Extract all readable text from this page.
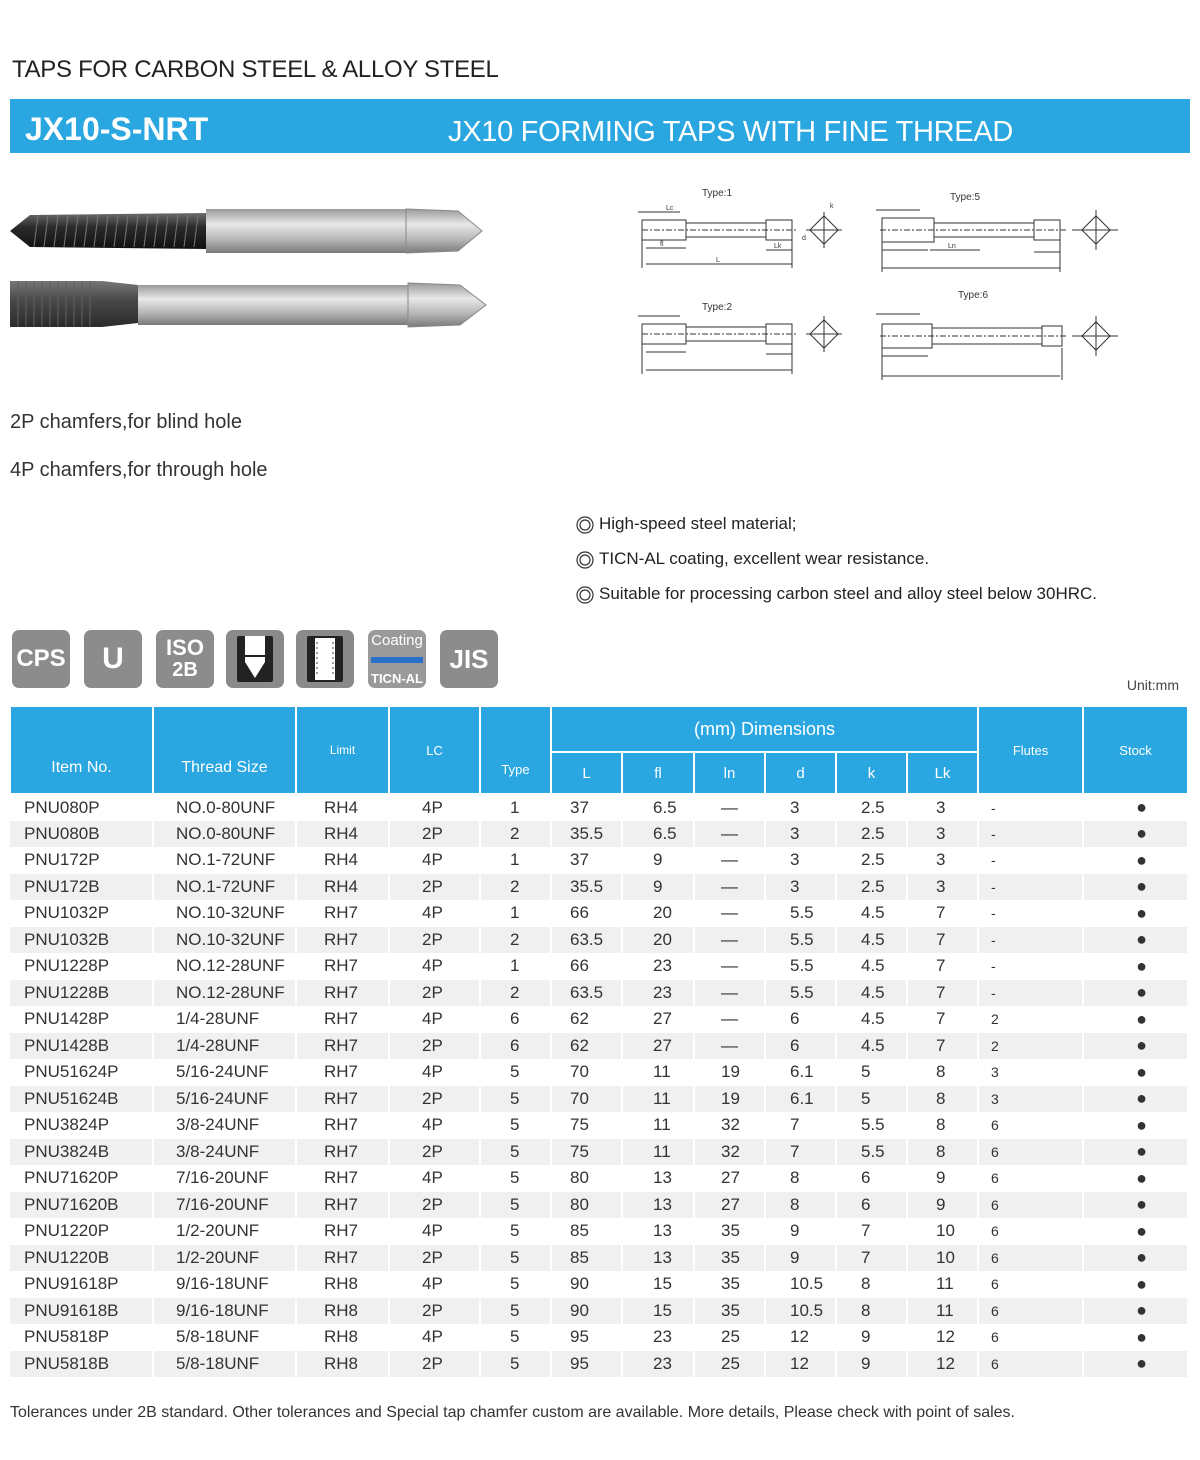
TAPS FOR CARBON STEEL & ALLOY STEEL
JX10-S-NRT	JX10 FORMING TAPS WITH FINE THREAD
Type:1	Type:5
Type:2
Type:6
Lc
fl
L
Ln
Lk
d
k
2P chamfers,for blind hole
4P chamfers,for through hole
High-speed steel material;
TICN-AL coating, excellent wear resistance.
Suitable for processing carbon steel and alloy steel below 30HRC.
CPS	U	ISO
2B
Coating
TICN-AL
JIS
Unit:mm
Item No.	Thread Size	Limit	LC	Type	(mm) Dimensions						Flutes	Stock
					L	fl	ln	d	k	Lk		
PNU080P	NO.0-80UNF	RH4	4P	1	37	6.5	—	3	2.5	3	-	●
PNU080B	NO.0-80UNF	RH4	2P	2	35.5	6.5	—	3	2.5	3	-	●
PNU172P	NO.1-72UNF	RH4	4P	1	37	9	—	3	2.5	3	-	●
PNU172B	NO.1-72UNF	RH4	2P	2	35.5	9	—	3	2.5	3	-	●
PNU1032P	NO.10-32UNF	RH7	4P	1	66	20	—	5.5	4.5	7	-	●
PNU1032B	NO.10-32UNF	RH7	2P	2	63.5	20	—	5.5	4.5	7	-	●
PNU1228P	NO.12-28UNF	RH7	4P	1	66	23	—	5.5	4.5	7	-	●
PNU1228B	NO.12-28UNF	RH7	2P	2	63.5	23	—	5.5	4.5	7	-	●
PNU1428P	1/4-28UNF	RH7	4P	6	62	27	—	6	4.5	7	2	●
PNU1428B	1/4-28UNF	RH7	2P	6	62	27	—	6	4.5	7	2	●
PNU51624P	5/16-24UNF	RH7	4P	5	70	11	19	6.1	5	8	3	●
PNU51624B	5/16-24UNF	RH7	2P	5	70	11	19	6.1	5	8	3	●
PNU3824P	3/8-24UNF	RH7	4P	5	75	11	32	7	5.5	8	6	●
PNU3824B	3/8-24UNF	RH7	2P	5	75	11	32	7	5.5	8	6	●
PNU71620P	7/16-20UNF	RH7	4P	5	80	13	27	8	6	9	6	●
PNU71620B	7/16-20UNF	RH7	2P	5	80	13	27	8	6	9	6	●
PNU1220P	1/2-20UNF	RH7	4P	5	85	13	35	9	7	10	6	●
PNU1220B	1/2-20UNF	RH7	2P	5	85	13	35	9	7	10	6	●
PNU91618P	9/16-18UNF	RH8	4P	5	90	15	35	10.5	8	11	6	●
PNU91618B	9/16-18UNF	RH8	2P	5	90	15	35	10.5	8	11	6	●
PNU5818P	5/8-18UNF	RH8	4P	5	95	23	25	12	9	12	6	●
PNU5818B	5/8-18UNF	RH8	2P	5	95	23	25	12	9	12	6	●
Tolerances under 2B standard. Other tolerances and Special tap chamfer custom are available. More details, Please check with point of sales.
